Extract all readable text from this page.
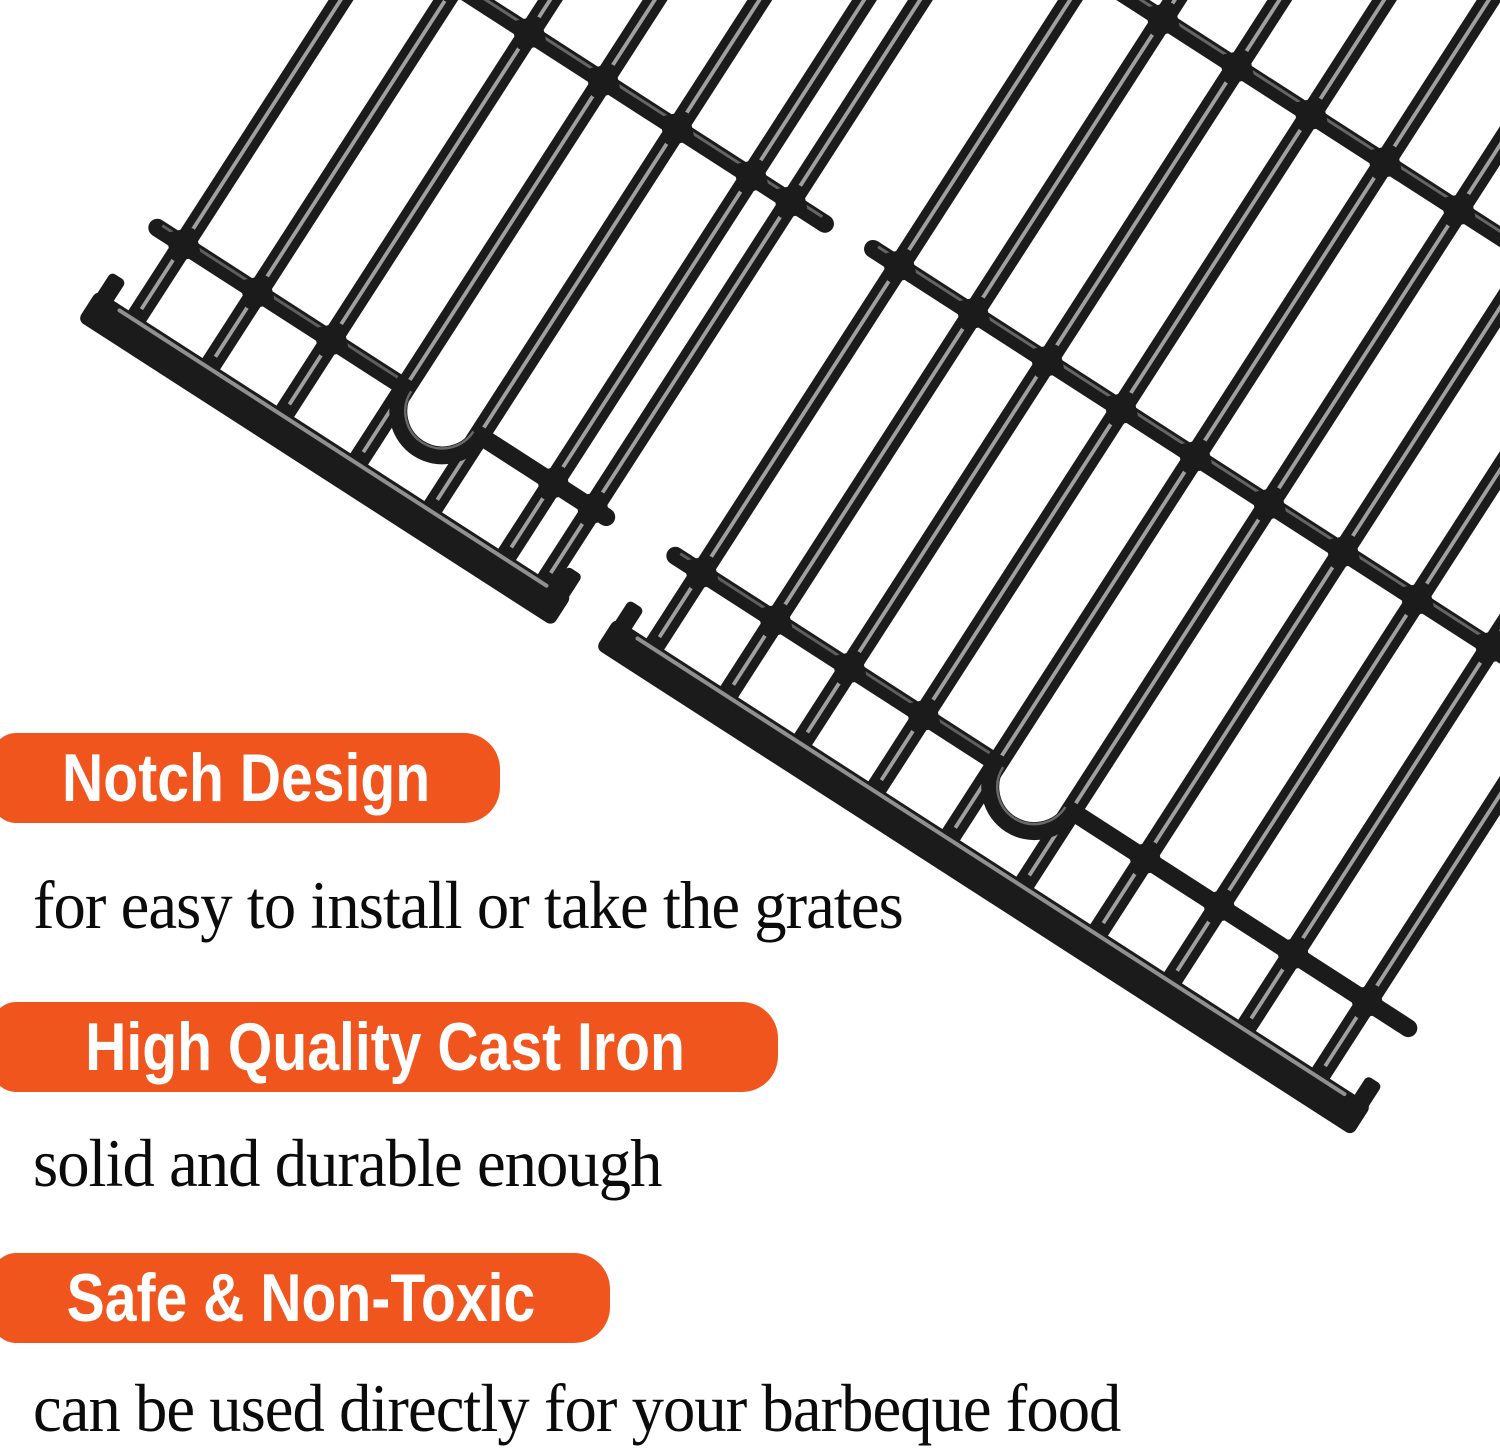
Notch Design
for easy to install or take the grates
High Quality Cast Iron
solid and durable enough
Safe & Non-Toxic
can be used directly for your barbeque food
